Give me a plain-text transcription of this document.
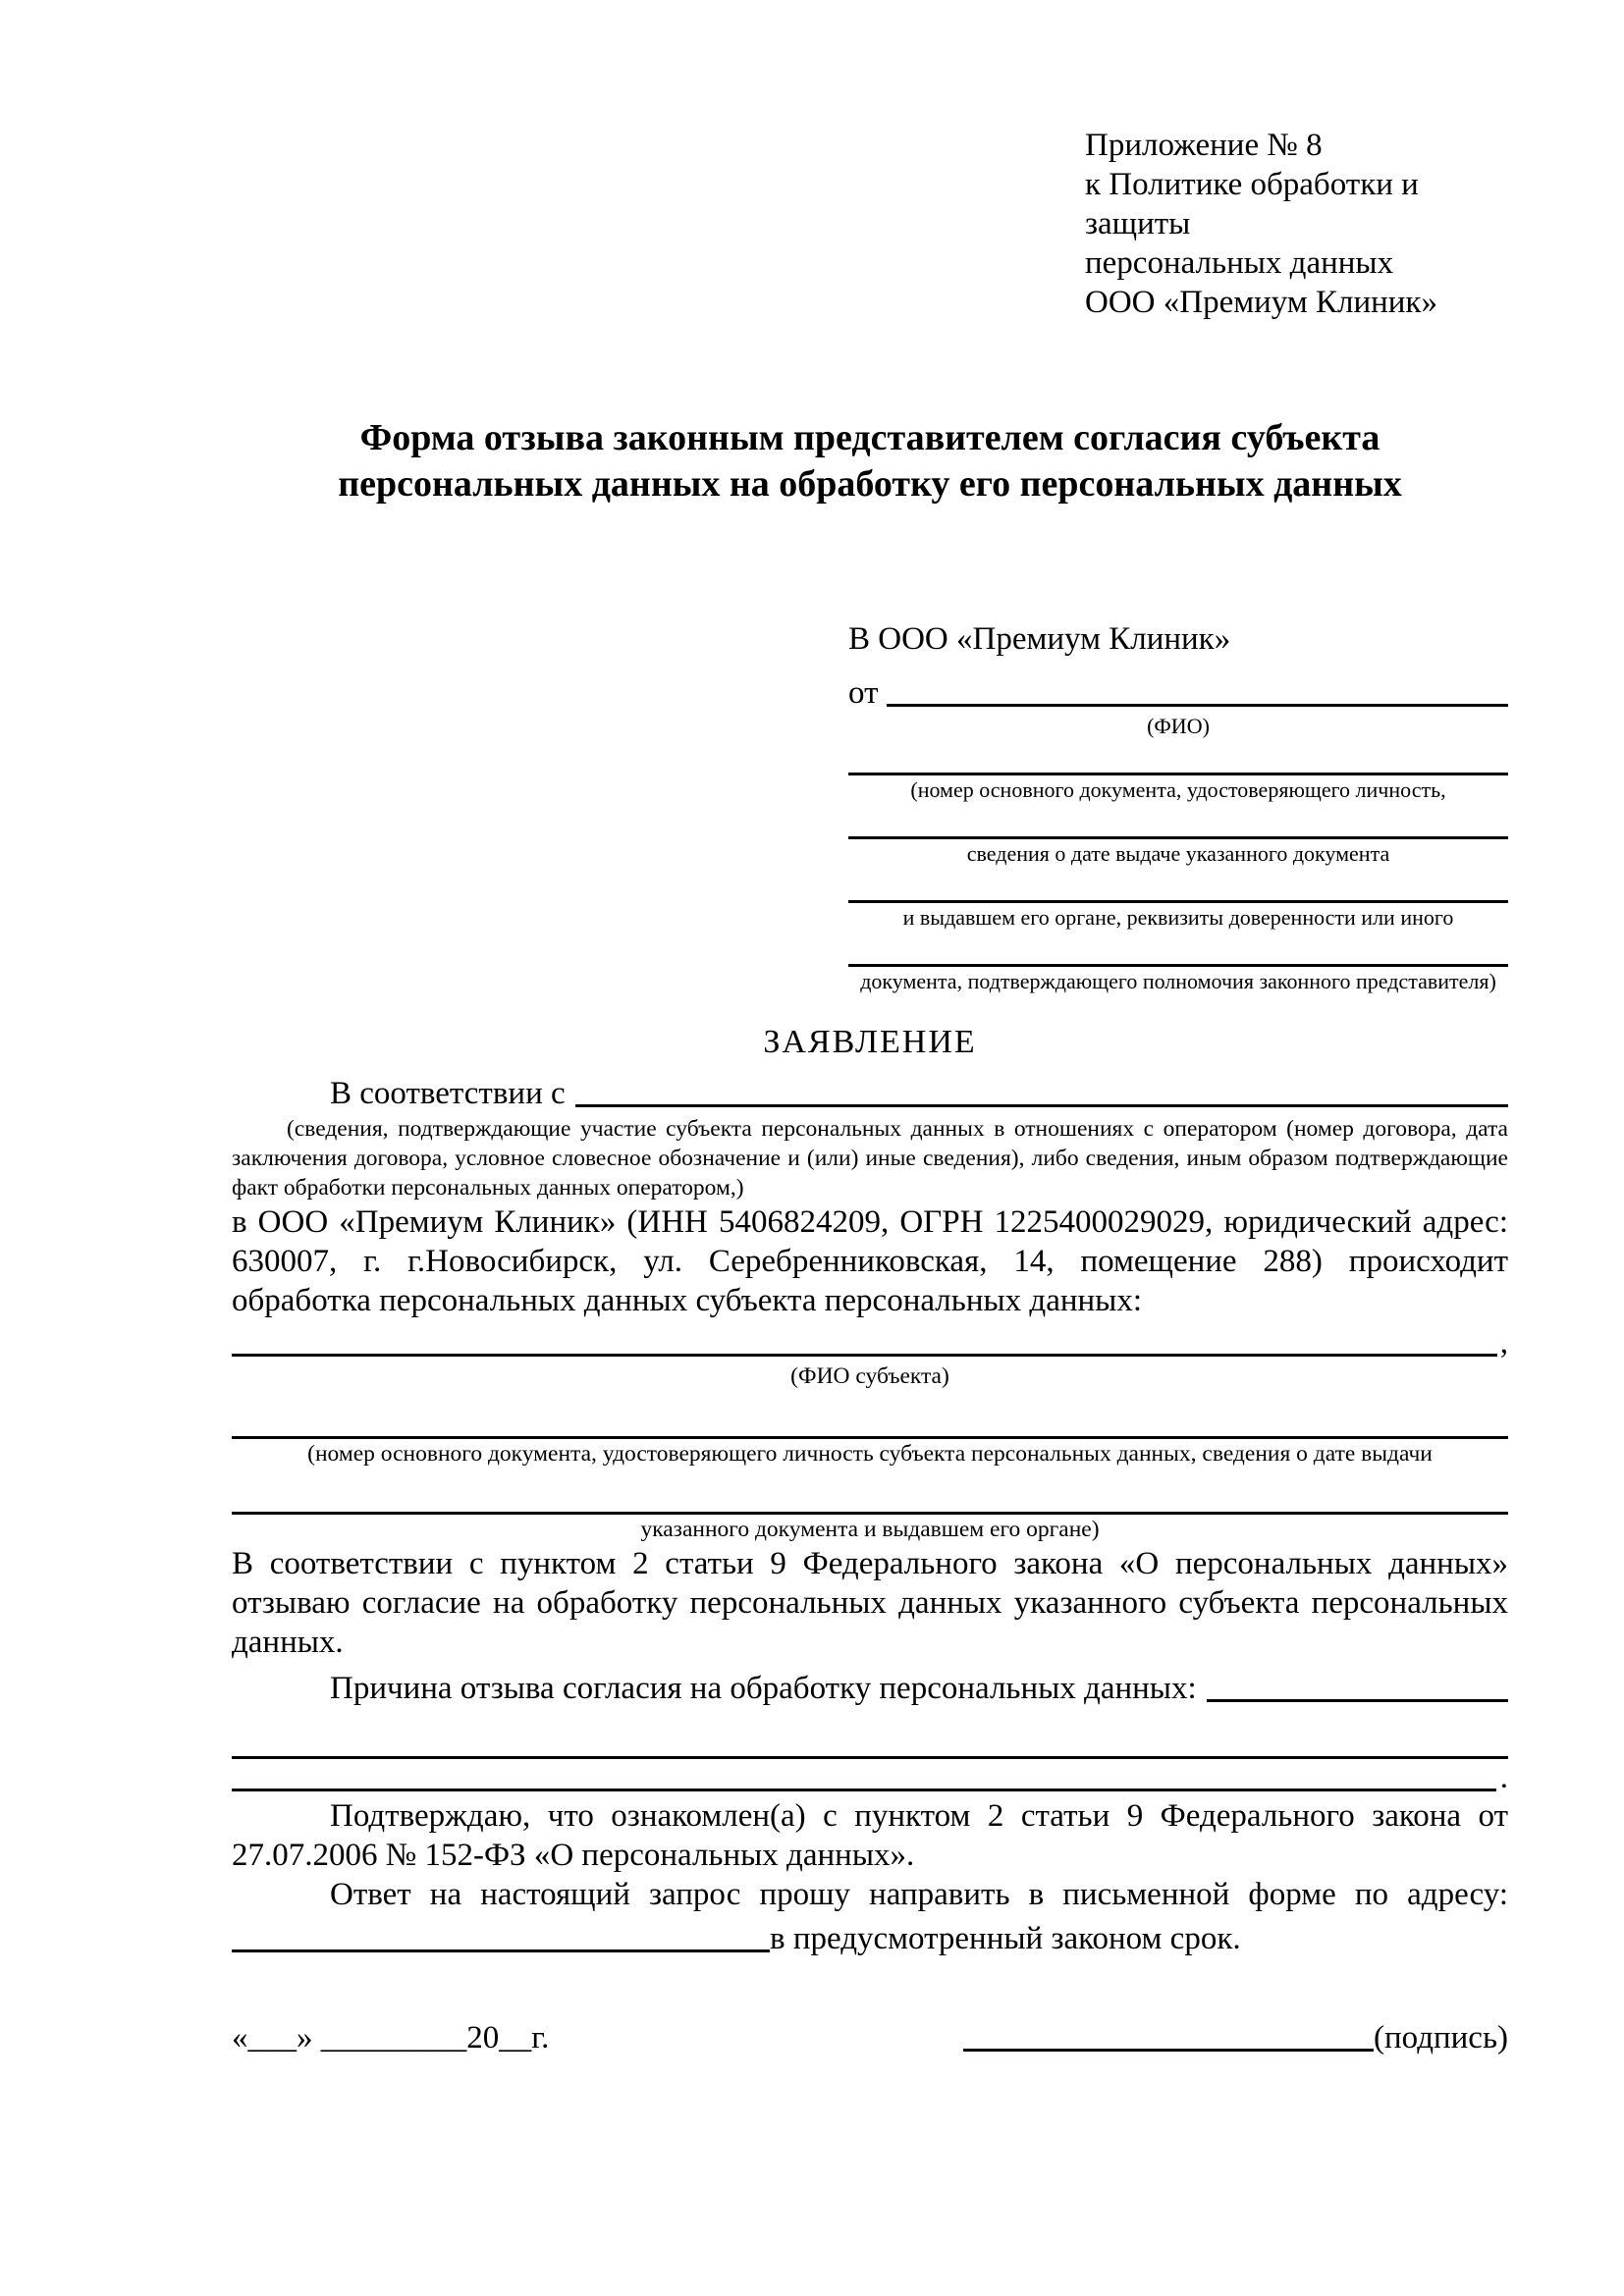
Приложение № 8
к Политике обработки и защиты
персональных данных
ООО «Премиум Клиник»
Форма отзыва законным представителем согласия субъекта
персональных данных на обработку его персональных данных
В ООО «Премиум Клиник»
от
(ФИО)
(номер основного документа, удостоверяющего личность,
сведения о дате выдаче указанного документа
и выдавшем его органе, реквизиты доверенности или иного
документа, подтверждающего полномочия законного представителя)
ЗАЯВЛЕНИЕ
В соответствии с

(сведения, подтверждающие участие субъекта персональных данных в отношениях с оператором (номер договора, дата заключения договора, условное словесное обозначение и (или) иные сведения), либо сведения, иным образом подтверждающие факт обработки персональных данных оператором,)

в ООО «Премиум Клиник» (ИНН 5406824209, ОГРН 1225400029029, юридический адрес: 630007, г. г.Новосибирск, ул. Серебренниковская, 14, помещение 288) происходит обработка персональных данных субъекта персональных данных:

,
(ФИО субъекта)
(номер основного документа, удостоверяющего личность субъекта персональных данных, сведения о дате выдачи
указанного документа и выдавшем его органе)

В соответствии с пунктом 2 статьи 9 Федерального закона «О персональных данных» отзываю согласие на обработку персональных данных указанного субъекта персональных данных.

Причина отзыва согласия на обработку персональных данных:
.

Подтверждаю, что ознакомлен(а) с пунктом 2 статьи 9 Федерального закона от 27.07.2006 № 152-ФЗ «О персональных данных».

Ответ на настоящий запрос прошу направить в письменной форме по адресу:

в предусмотренный законом срок.
«___» _________20__г.	(подпись)
